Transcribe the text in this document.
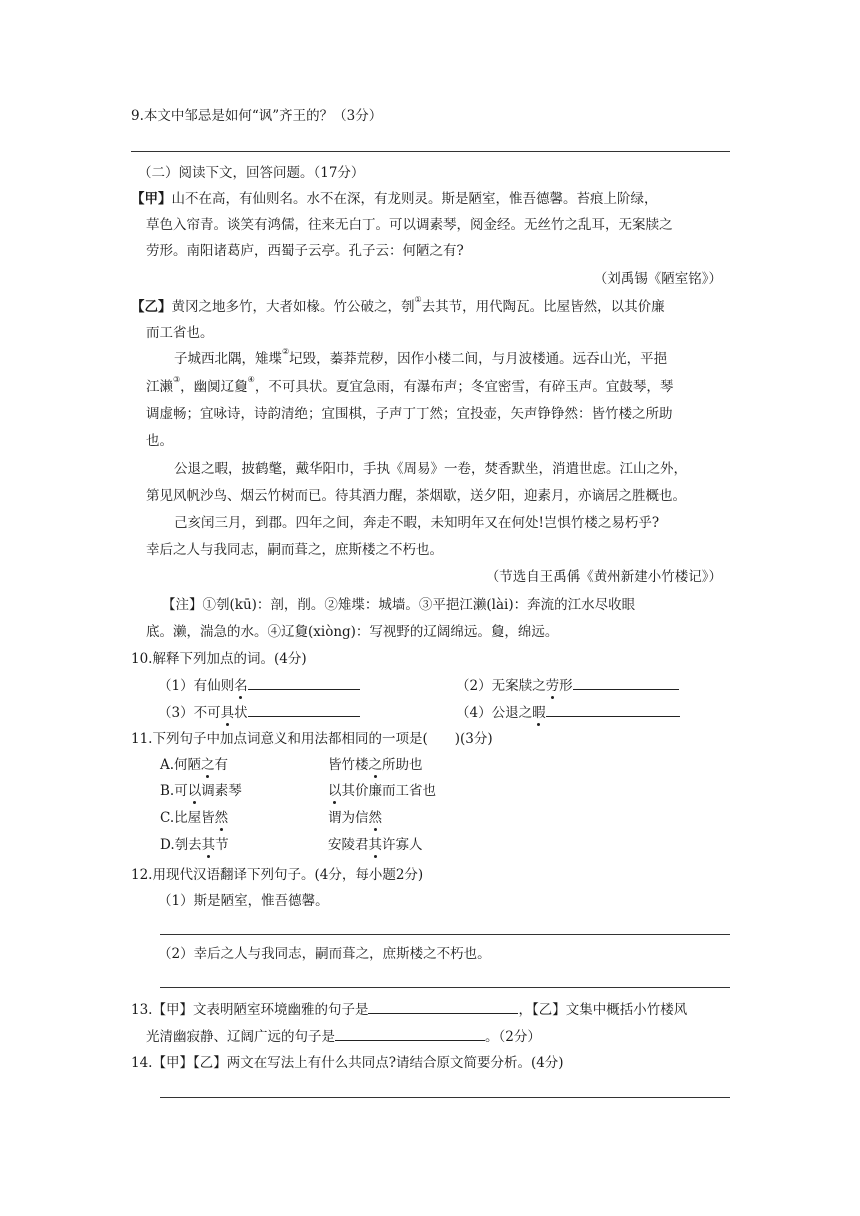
9.本文中邹忌是如何“讽”齐王的？（3分）
（二）阅读下文，回答问题。（17分）
【甲】山不在高，有仙则名。水不在深，有龙则灵。斯是陋室，惟吾德馨。苔痕上阶绿，
草色入帘青。谈笑有鸿儒，往来无白丁。可以调素琴，阅金经。无丝竹之乱耳，无案牍之
劳形。南阳诸葛庐，西蜀子云亭。孔子云：何陋之有?
（刘禹锡《陋室铭》）
【乙】黄冈之地多竹，大者如椽。竹公破之，刳①去其节，用代陶瓦。比屋皆然，以其价廉
而工省也。
子城西北隅，雉堞②圮毁，蓁莽荒秽，因作小楼二间，与月波楼通。远吞山光，平挹
江濑③，幽阒辽敻④，不可具状。夏宜急雨，有瀑布声；冬宜密雪，有碎玉声。宜鼓琴，琴
调虚畅；宜咏诗，诗韵清绝；宜围棋，子声丁丁然；宜投壶，矢声铮铮然：皆竹楼之所助
也。
公退之暇，披鹤氅，戴华阳巾，手执《周易》一卷，焚香默坐，消遣世虑。江山之外，
第见风帆沙鸟、烟云竹树而已。待其酒力醒，茶烟歇，送夕阳，迎素月，亦谪居之胜概也。
己亥闰三月，到郡。四年之间，奔走不暇，未知明年又在何处!岂惧竹楼之易朽乎?
幸后之人与我同志，嗣而葺之，庶斯楼之不朽也。
（节选自王禹偁《黄州新建小竹楼记》）
【注】①刳(kū)：剖，削。②雉堞：城墙。③平挹江濑(lài)：奔流的江水尽收眼
底。濑，湍急的水。④辽敻(xiòng)：写视野的辽阔绵远。敻，绵远。
10.解释下列加点的词。(4分)
（1）有仙则名	（2）无案牍之劳形
（3）不可具状	（4）公退之暇
11.下列句子中加点词意义和用法都相同的一项是(　　)(3分)
A.何陋之有	皆竹楼之所助也
B.可以调素琴	以其价廉而工省也
C.比屋皆然	谓为信然
D.刳去其节	安陵君其许寡人
12.用现代汉语翻译下列句子。(4分，每小题2分)
（1）斯是陋室，惟吾德馨。
（2）幸后之人与我同志，嗣而葺之，庶斯楼之不朽也。
13.【甲】文表明陋室环境幽雅的句子是	，【乙】文集中概括小竹楼风
光清幽寂静、辽阔广远的句子是	。（2分）
14.【甲】【乙】两文在写法上有什么共同点?请结合原文简要分析。(4分)
